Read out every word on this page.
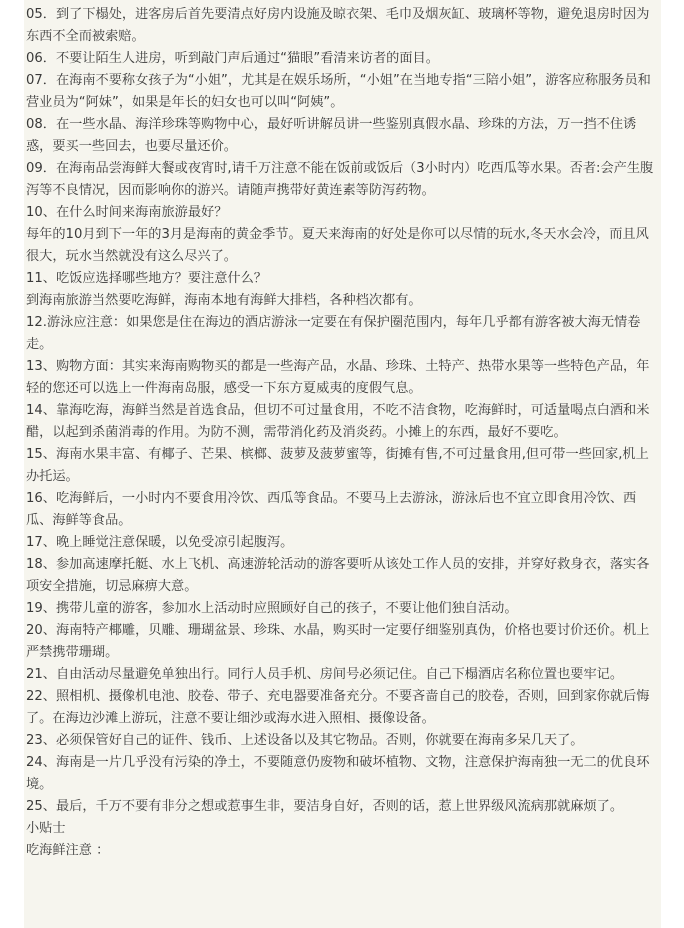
05．到了下榻处，进客房后首先要清点好房内设施及晾衣架、毛巾及烟灰缸、玻璃杯等物，避免退房时因为东西不全而被索赔。

06．不要让陌生人进房，听到敲门声后通过“猫眼”看清来访者的面目。

07．在海南不要称女孩子为“小姐”，尤其是在娱乐场所，“小姐”在当地专指“三陪小姐”，游客应称服务员和营业员为“阿妹”，如果是年长的妇女也可以叫“阿姨”。

08．在一些水晶、海洋珍珠等购物中心，最好听讲解员讲一些鉴别真假水晶、珍珠的方法，万一挡不住诱惑，要买一些回去，也要尽量还价。

09．在海南品尝海鲜大餐或夜宵时,请千万注意不能在饭前或饭后（3小时内）吃西瓜等水果。否者:会产生腹泻等不良情况，因而影响你的游兴。请随声携带好黄连素等防泻药物。

10、在什么时间来海南旅游最好？

每年的10月到下一年的3月是海南的黄金季节。夏天来海南的好处是你可以尽情的玩水,冬天水会冷，而且风很大，玩水当然就没有这么尽兴了。

11、吃饭应选择哪些地方？要注意什么？

到海南旅游当然要吃海鲜，海南本地有海鲜大排档，各种档次都有。

12.游泳应注意：如果您是住在海边的酒店游泳一定要在有保护圈范围内，每年几乎都有游客被大海无情卷走。

13、购物方面：其实来海南购物买的都是一些海产品，水晶、珍珠、土特产、热带水果等一些特色产品，年轻的您还可以选上一件海南岛服，感受一下东方夏威夷的度假气息。

14、靠海吃海，海鲜当然是首选食品，但切不可过量食用，不吃不洁食物，吃海鲜时，可适量喝点白酒和米醋，以起到杀菌消毒的作用。为防不测，需带消化药及消炎药。小摊上的东西，最好不要吃。

15、海南水果丰富、有椰子、芒果、槟榔、菠萝及菠萝蜜等，街摊有售,不可过量食用,但可带一些回家,机上办托运。

16、吃海鲜后，一小时内不要食用冷饮、西瓜等食品。不要马上去游泳，游泳后也不宜立即食用冷饮、西瓜、海鲜等食品。

17、晚上睡觉注意保暖，以免受凉引起腹泻。

18、参加高速摩托艇、水上飞机、高速游轮活动的游客要听从该处工作人员的安排，并穿好救身衣，落实各项安全措施，切忌麻痹大意。

19、携带儿童的游客，参加水上活动时应照顾好自己的孩子，不要让他们独自活动。

20、海南特产椰雕，贝雕、珊瑚盆景、珍珠、水晶，购买时一定要仔细鉴别真伪，价格也要讨价还价。机上严禁携带珊瑚。

21、自由活动尽量避免单独出行。同行人员手机、房间号必须记住。自己下榻酒店名称位置也要牢记。

22、照相机、摄像机电池、胶卷、带子、充电器要准备充分。不要吝啬自己的胶卷，否则，回到家你就后悔了。在海边沙滩上游玩，注意不要让细沙或海水进入照相、摄像设备。

23、必须保管好自己的证件、钱币、上述设备以及其它物品。否则，你就要在海南多呆几天了。

24、海南是一片几乎没有污染的净土，不要随意仍废物和破坏植物、文物，注意保护海南独一无二的优良环境。

25、最后，千万不要有非分之想或惹事生非，要洁身自好，否则的话，惹上世界级风流病那就麻烦了。

小贴士

吃海鲜注意 ：
